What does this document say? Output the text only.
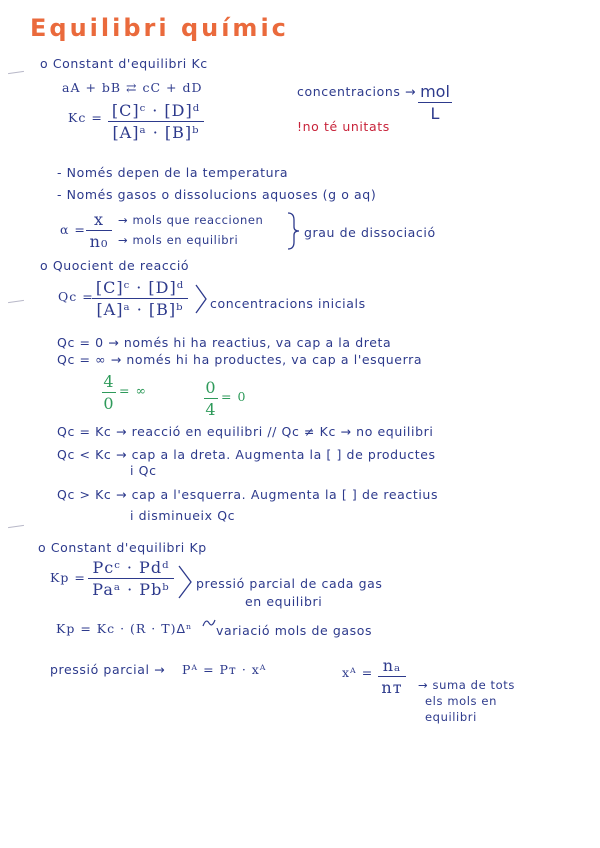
Equilibri químic
o Constant d'equilibri Kc
aA + bB ⇄ cC + dD	concentracions → mol
L
!no té unitats
Kc = [C]ᶜ · [D]ᵈ
[A]ᵃ · [B]ᵇ
- Només depen de la temperatura
- Només gasos o dissolucions aquoses (g o aq)
α =
x
n₀
→ mols que reaccionen
→ mols en equilibri	grau de dissociació
o Quocient de reacció
Qc = [C]ᶜ · [D]ᵈ
[A]ᵃ · [B]ᵇ	concentracions inicials
Qc = 0 → només hi ha reactius, va cap a la dreta
Qc = ∞ → només hi ha productes, va cap a l'esquerra
4
0
= ∞	0
4
= 0
Qc = Kc → reacció en equilibri // Qc ≠ Kc → no equilibri
Qc < Kc → cap a la dreta. Augmenta la [ ] de productes
i Qc
Qc > Kc → cap a l'esquerra. Augmenta la [ ] de reactius
i disminueix Qc
o Constant d'equilibri Kp
Kp =
Pcᶜ · Pdᵈ
Paᵃ · Pbᵇ	pressió parcial de cada gas
en equilibri
Kp = Kc · (R · T)ᐃⁿ variació mols de gasos
pressió parcial → Pᴬ = Pᴛ · xᴬ	xᴬ = nₐ
nᴛ → suma de tots
els mols en
equilibri
